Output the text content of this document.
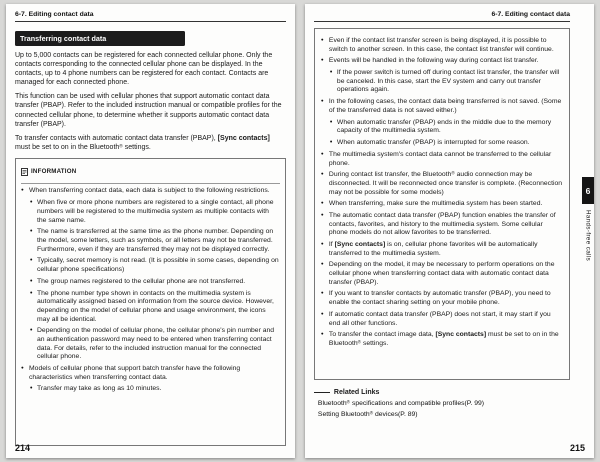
6-7. Editing contact data
Transferring contact data
Up to 5,000 contacts can be registered for each connected cellular phone. Only the contacts corresponding to the connected cellular phone can be displayed. In the contacts, up to 4 phone numbers can be registered for each contact. Contacts are managed for each connected phone.
This function can be used with cellular phones that support automatic contact data transfer (PBAP). Refer to the included instruction manual or compatible profiles for the connected cellular phone, to determine whether it supports automatic contact data transfer (PBAP).
To transfer contacts with automatic contact data transfer (PBAP), [Sync contacts] must be set to on in the Bluetooth® settings.
INFORMATION
●
When transferring contact data, each data is subject to the following restrictions.
•
When five or more phone numbers are registered to a single contact, all phone numbers will be registered to the multimedia system as multiple contacts with the same name.
•
The name is transferred at the same time as the phone number. Depending on the model, some letters, such as symbols, or all letters may not be transferred. Furthermore, even if they are transferred they may not be displayed correctly.
•
Typically, secret memory is not read. (It is possible in some cases, depending on cellular phone specifications)
•
The group names registered to the cellular phone are not transferred.
•
The phone number type shown in contacts on the multimedia system is automatically assigned based on information from the source device. However, depending on the model of cellular phone and usage environment, the icons may all be identical.
•
Depending on the model of cellular phone, the cellular phone's pin number and an authentication password may need to be entered when transferring contact data. For details, refer to the included instruction manual for the connected cellular phone.
●
Models of cellular phone that support batch transfer have the following characteristics when transferring contact data.
•
Transfer may take as long as 10 minutes.
214
6-7. Editing contact data
●
Even if the contact list transfer screen is being displayed, it is possible to switch to another screen. In this case, the contact list transfer will continue.
●
Events will be handled in the following way during contact list transfer.
•
If the power switch is turned off during contact list transfer, the transfer will be canceled. In this case, start the EV system and carry out transfer operations again.
●
In the following cases, the contact data being transferred is not saved. (Some of the transferred data is not saved either.)
•
When automatic transfer (PBAP) ends in the middle due to the memory capacity of the multimedia system.
•
When automatic transfer (PBAP) is interrupted for some reason.
●
The multimedia system's contact data cannot be transferred to the cellular phone.
●
During contact list transfer, the Bluetooth® audio connection may be disconnected. It will be reconnected once transfer is complete. (Reconnection may not be possible for some models)
●
When transferring, make sure the multimedia system has been started.
●
The automatic contact data transfer (PBAP) function enables the transfer of contacts, favorites, and history to the multimedia system. Some cellular phone models do not allow favorites to be transferred.
●
If [Sync contacts] is on, cellular phone favorites will be automatically transferred to the multimedia system.
●
Depending on the model, it may be necessary to perform operations on the cellular phone when transferring contact data with automatic contact data transfer (PBAP).
●
If you want to transfer contacts by automatic transfer (PBAP), you need to enable the contact sharing setting on your mobile phone.
●
If automatic contact data transfer (PBAP) does not start, it may start if you end all other functions.
●
To transfer the contact image data, [Sync contacts] must be set to on in the Bluetooth® settings.
Related Links
Bluetooth® specifications and compatible profiles(P. 99)
Setting Bluetooth® devices(P. 89)
6
Hands-free calls
215
